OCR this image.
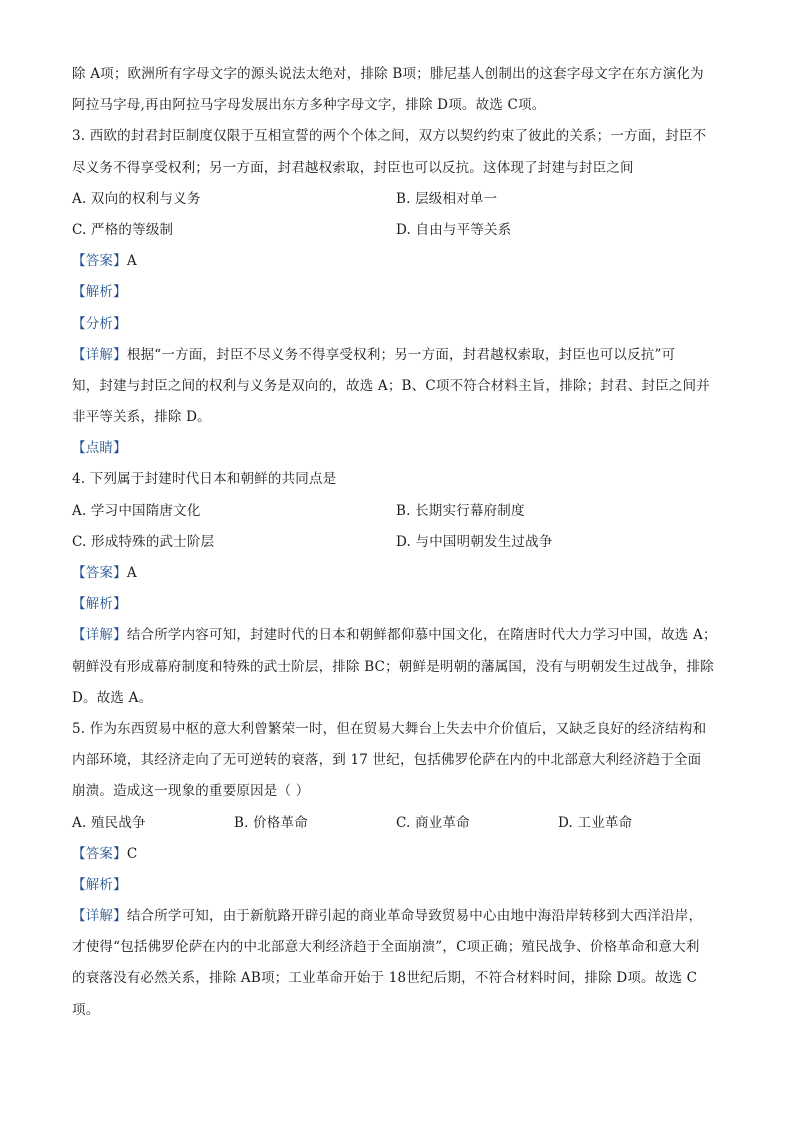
除 A项；欧洲所有字母文字的源头说法太绝对，排除 B项；腓尼基人创制出的这套字母文字在东方演化为

阿拉马字母,再由阿拉马字母发展出东方多种字母文字，排除 D项。故选 C项。

3. 西欧的封君封臣制度仅限于互相宣誓的两个个体之间，双方以契约约束了彼此的关系；一方面，封臣不

尽义务不得享受权利；另一方面，封君越权索取，封臣也可以反抗。这体现了封建与封臣之间

A. 双向的权利与义务	B. 层级相对单一
C. 严格的等级制	D. 自由与平等关系

【答案】A

【解析】

【分析】

【详解】根据“一方面，封臣不尽义务不得享受权利；另一方面，封君越权索取，封臣也可以反抗”可

知，封建与封臣之间的权利与义务是双向的，故选 A；B、C项不符合材料主旨，排除；封君、封臣之间并

非平等关系，排除 D。

【点睛】

4. 下列属于封建时代日本和朝鲜的共同点是

A. 学习中国隋唐文化	B. 长期实行幕府制度
C. 形成特殊的武士阶层	D. 与中国明朝发生过战争

【答案】A

【解析】

【详解】结合所学内容可知，封建时代的日本和朝鲜都仰慕中国文化，在隋唐时代大力学习中国，故选 A；

朝鲜没有形成幕府制度和特殊的武士阶层，排除 BC；朝鲜是明朝的藩属国，没有与明朝发生过战争，排除

D。故选 A。

5. 作为东西贸易中枢的意大利曾繁荣一时，但在贸易大舞台上失去中介价值后，又缺乏良好的经济结构和

内部环境，其经济走向了无可逆转的衰落，到 17 世纪，包括佛罗伦萨在内的中北部意大利经济趋于全面

崩溃。造成这一现象的重要原因是（ ）

A. 殖民战争	B. 价格革命	C. 商业革命	D. 工业革命

【答案】C

【解析】

【详解】结合所学可知，由于新航路开辟引起的商业革命导致贸易中心由地中海沿岸转移到大西洋沿岸，

才使得“包括佛罗伦萨在内的中北部意大利经济趋于全面崩溃”，C项正确；殖民战争、价格革命和意大利

的衰落没有必然关系，排除 AB项；工业革命开始于 18世纪后期，不符合材料时间，排除 D项。故选 C

项。
